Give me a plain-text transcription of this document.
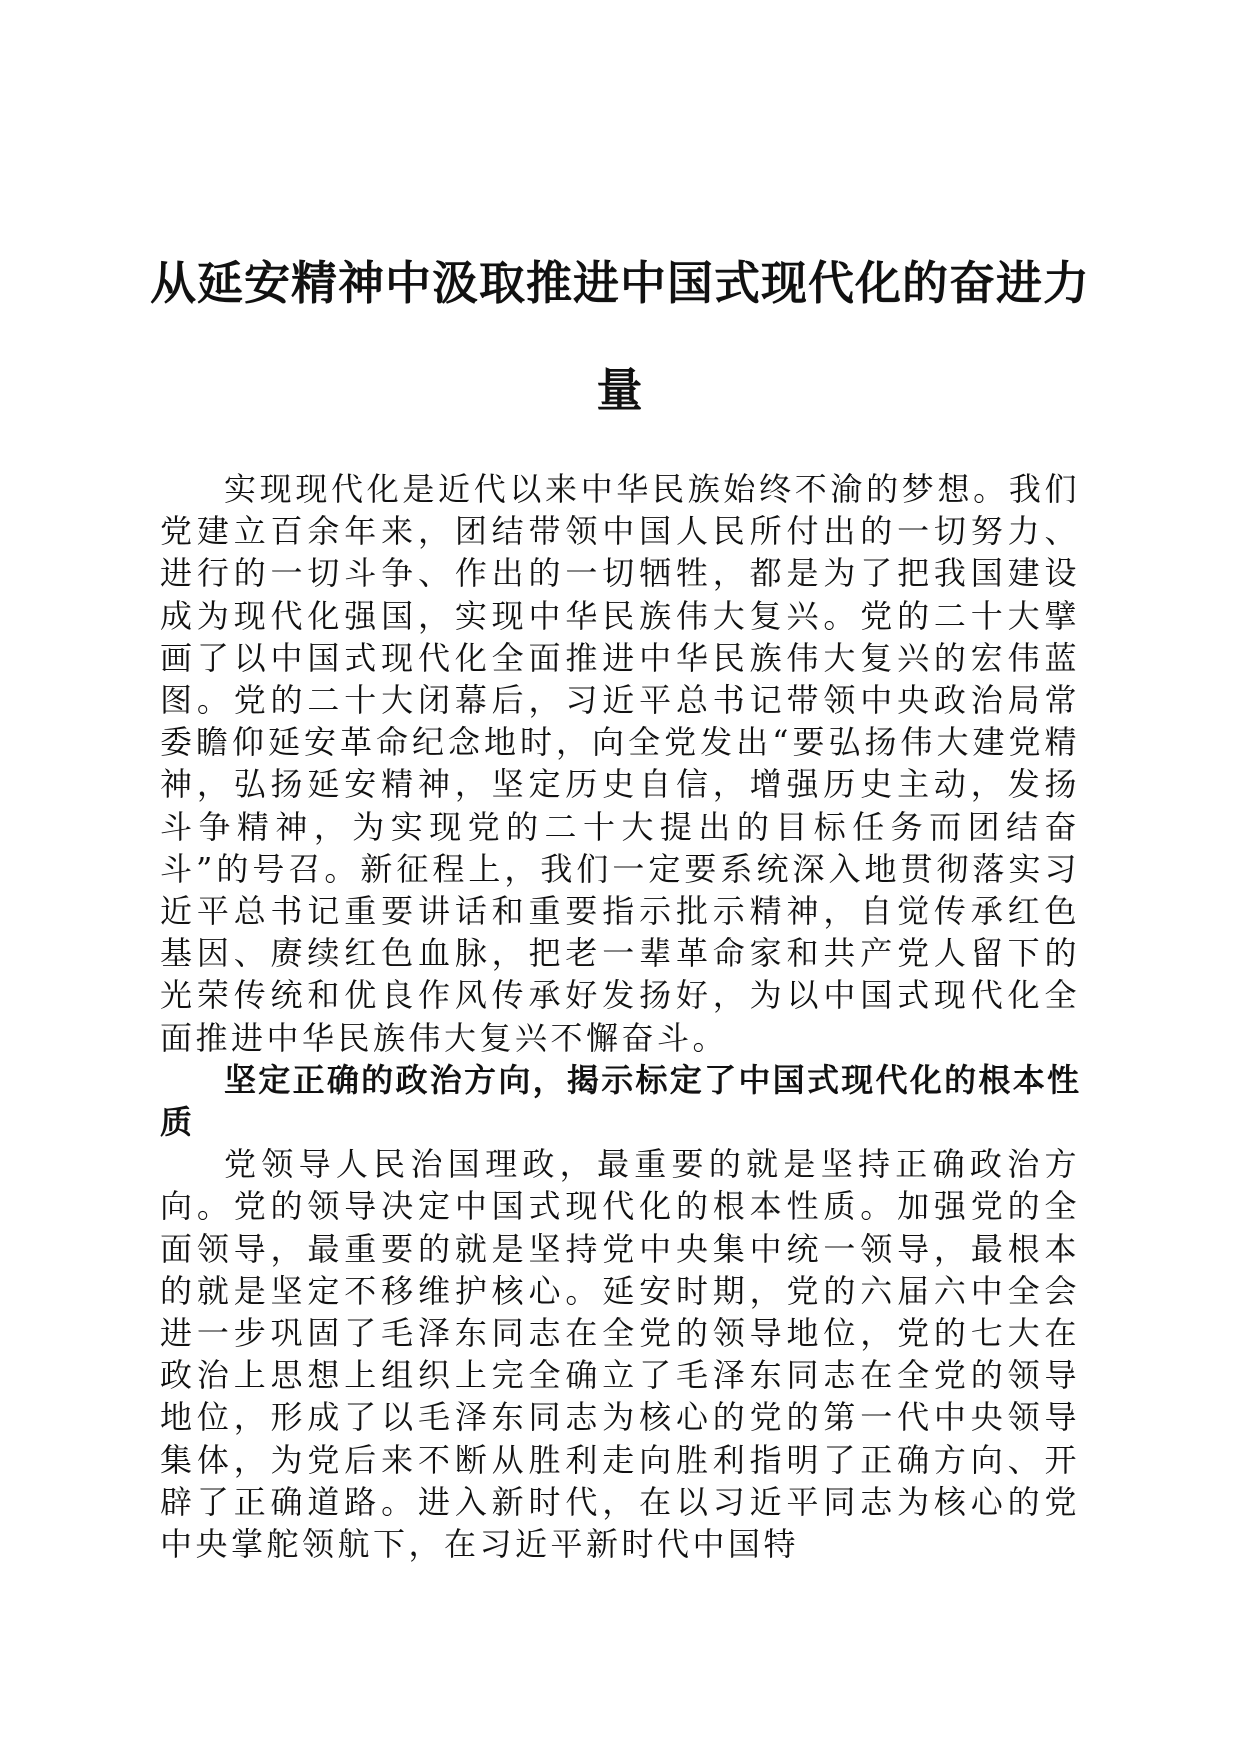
从延安精神中汲取推进中国式现代化的奋进力量

实现现代化是近代以来中华民族始终不渝的梦想。我们党建立百余年来，团结带领中国人民所付出的一切努力、进行的一切斗争、作出的一切牺牲，都是为了把我国建设成为现代化强国，实现中华民族伟大复兴。党的二十大擘画了以中国式现代化全面推进中华民族伟大复兴的宏伟蓝图。党的二十大闭幕后，习近平总书记带领中央政治局常委瞻仰延安革命纪念地时，向全党发出“要弘扬伟大建党精神，弘扬延安精神，坚定历史自信，增强历史主动，发扬斗争精神，为实现党的二十大提出的目标任务而团结奋斗”的号召。新征程上，我们一定要系统深入地贯彻落实习近平总书记重要讲话和重要指示批示精神，自觉传承红色基因、赓续红色血脉，把老一辈革命家和共产党人留下的光荣传统和优良作风传承好发扬好，为以中国式现代化全面推进中华民族伟大复兴不懈奋斗。

坚定正确的政治方向，揭示标定了中国式现代化的根本性质

党领导人民治国理政，最重要的就是坚持正确政治方向。党的领导决定中国式现代化的根本性质。加强党的全面领导，最重要的就是坚持党中央集中统一领导，最根本的就是坚定不移维护核心。延安时期，党的六届六中全会进一步巩固了毛泽东同志在全党的领导地位，党的七大在政治上思想上组织上完全确立了毛泽东同志在全党的领导地位，形成了以毛泽东同志为核心的党的第一代中央领导集体，为党后来不断从胜利走向胜利指明了正确方向、开辟了正确道路。进入新时代，在以习近平同志为核心的党中央掌舵领航下，在习近平新时代中国特
